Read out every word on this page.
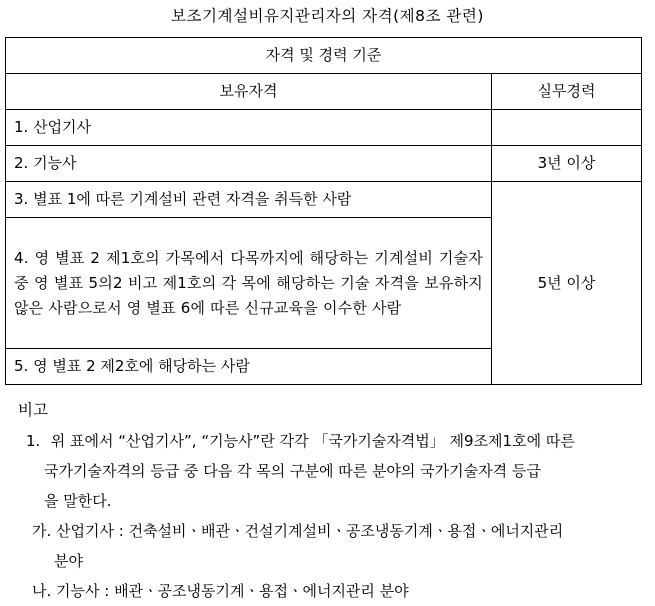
보조기계설비유지관리자의 자격(제8조 관련)
자격 및 경력 기준	
보유자격	실무경력
1. 산업기사	
2. 기능사	3년 이상
3. 별표 1에 따른 기계설비 관련 자격을 취득한 사람	5년 이상

4. 영 별표 2 제1호의 가목에서 다목까지에 해당하는 기계설비 기술자 중 영 별표 5의2 비고 제1호의 각 목에 해당하는 기술 자격을 보유하지 않은 사람으로서 영 별표 6에 따른 신규교육을 이수한 사람	

5. 영 별표 2 제2호에 해당하는 사람	
비고
1. 위 표에서 “산업기사”, “기능사”란 각각 「국가기술자격법」 제9조제1호에 따른
국가기술자격의 등급 중 다음 각 목의 구분에 따른 분야의 국가기술자격 등급
을 말한다.
가. 산업기사 : 건축설비ㆍ배관ㆍ건설기계설비ㆍ공조냉동기계ㆍ용접ㆍ에너지관리
분야
나. 기능사 : 배관ㆍ공조냉동기계ㆍ용접ㆍ에너지관리 분야
